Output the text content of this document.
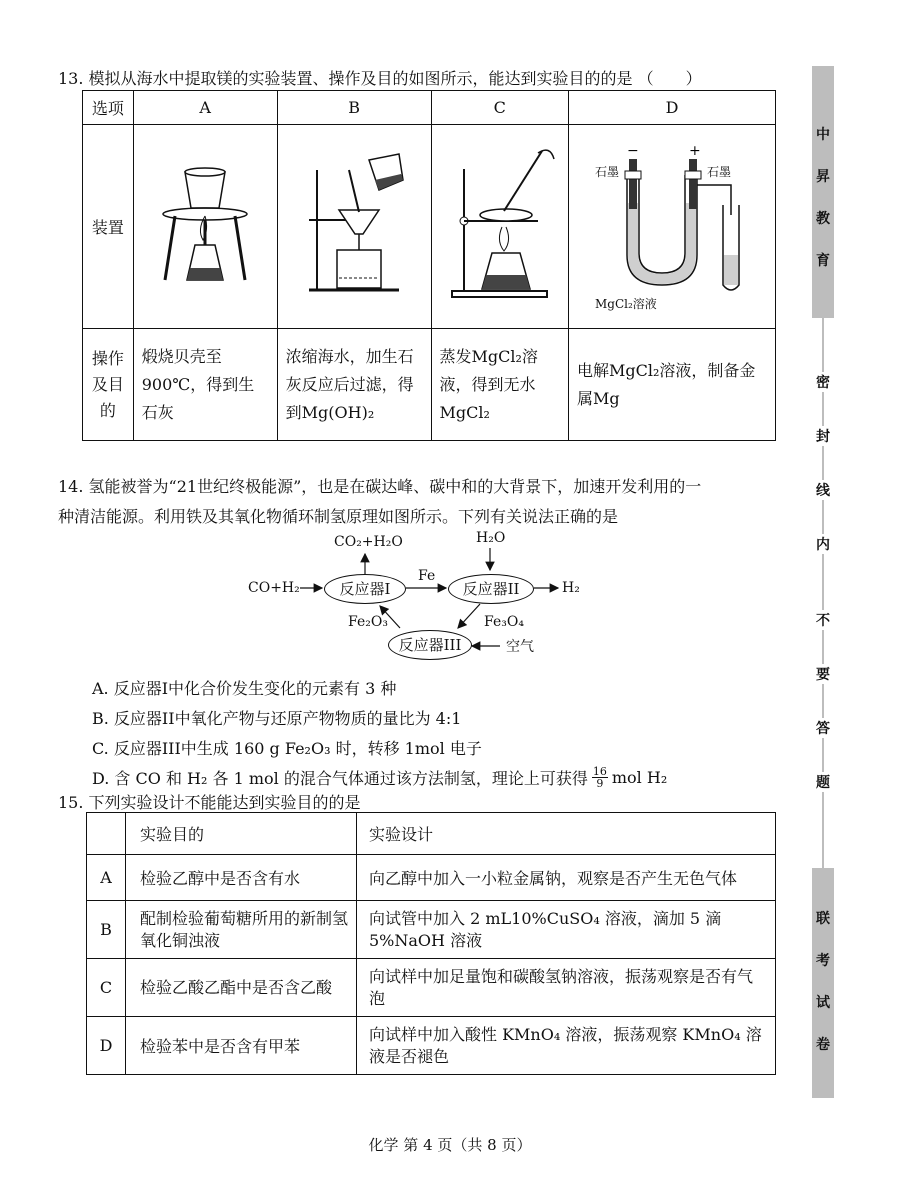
13. 模拟从海水中提取镁的实验装置、操作及目的如图所示，能达到实验目的的是 （　　）
选项	A	B	C	D
装置				− +
石墨 石墨
MgCl₂溶液

操作及目的	煅烧贝壳至900℃，得到生石灰	浓缩海水，加生石灰反应后过滤，得到Mg(OH)₂	蒸发MgCl₂溶液，得到无水MgCl₂	电解MgCl₂溶液，制备金属Mg
14. 氢能被誉为“21世纪终极能源”，也是在碳达峰、碳中和的大背景下，加速开发利用的一
种清洁能源。利用铁及其氧化物循环制氢原理如图所示。下列有关说法正确的是
反应器I	反应器II
反应器III
CO+H₂
CO₂+H₂O	H₂O
H₂
Fe
Fe₂O₃	Fe₃O₄
空气
A. 反应器I中化合价发生变化的元素有 3 种
B. 反应器II中氧化产物与还原产物物质的量比为 4:1
C. 反应器III中生成 160 g Fe₂O₃ 时，转移 1mol 电子
D. 含 CO 和 H₂ 各 1 mol 的混合气体通过该方法制氢，理论上可获得 $\frac{16}{9}$ mol H₂
15. 下列实验设计不能能达到实验目的的是
	实验目的	实验设计
A	检验乙醇中是否含有水	向乙醇中加入一小粒金属钠，观察是否产生无色气体
B	配制检验葡萄糖所用的新制氢氧化铜浊液	向试管中加入 2 mL10%CuSO₄ 溶液，滴加 5 滴 5%NaOH 溶液
C	检验乙酸乙酯中是否含乙酸	向试样中加足量饱和碳酸氢钠溶液，振荡观察是否有气泡
D	检验苯中是否含有甲苯	向试样中加入酸性 KMnO₄ 溶液，振荡观察 KMnO₄ 溶液是否褪色
中
昇
教
育
密
封
线
内
不
要
答
题
联
考
试
卷
化学 第 4 页（共 8 页）
